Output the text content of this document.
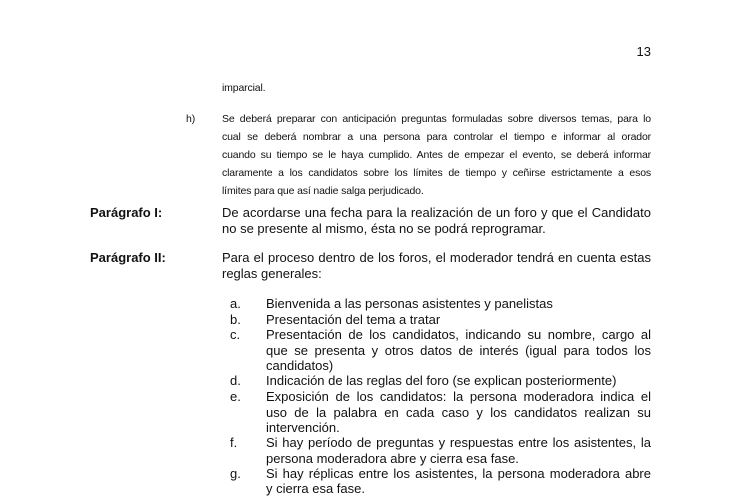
13
imparcial.
h)	Se deberá preparar con anticipación preguntas formuladas sobre diversos temas, para lo
cual se deberá nombrar a una persona para controlar el tiempo e informar al orador
cuando su tiempo se le haya cumplido. Antes de empezar el evento, se deberá informar
claramente a los candidatos sobre los límites de tiempo y ceñirse estrictamente a esos
límites para que así nadie salga perjudicado.
Parágrafo I:	De acordarse una fecha para la realización de un foro y que el Candidato
no se presente al mismo, ésta no se podrá reprogramar.
Parágrafo II:	Para el proceso dentro de los foros, el moderador tendrá en cuenta estas
reglas generales:
a. Bienvenida a las personas asistentes y panelistas
b. Presentación del tema a tratar
c. Presentación de los candidatos, indicando su nombre, cargo al
que se presenta y otros datos de interés (igual para todos los
candidatos)
d. Indicación de las reglas del foro (se explican posteriormente)
e. Exposición de los candidatos: la persona moderadora indica el
uso de la palabra en cada caso y los candidatos realizan su
intervención.
f. Si hay período de preguntas y respuestas entre los asistentes, la
persona moderadora abre y cierra esa fase.
g. Si hay réplicas entre los asistentes, la persona moderadora abre
y cierra esa fase.
